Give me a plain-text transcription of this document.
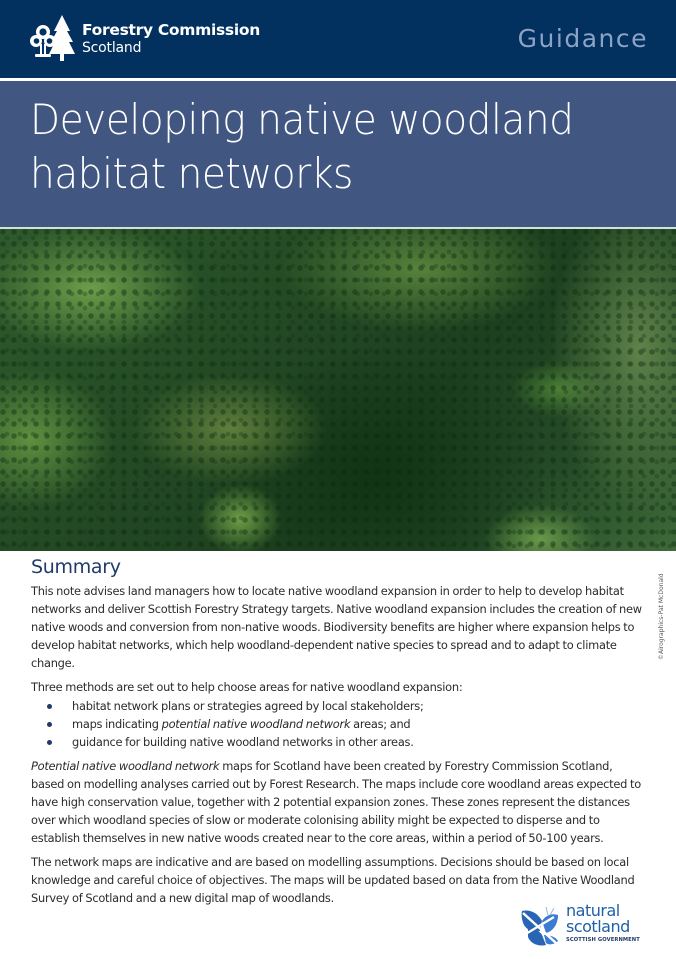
Forestry Commission
Scotland	Guidance
Developing native woodland
habitat networks
©Airographics-Pat McDonald
Summary

This note advises land managers how to locate native woodland expansion in order to help to develop habitat networks and deliver Scottish Forestry Strategy targets. Native woodland expansion includes the creation of new native woods and conversion from non-native woods. Biodiversity benefits are higher where expansion helps to develop habitat networks, which help woodland-dependent native species to spread and to adapt to climate change.

Three methods are set out to help choose areas for native woodland expansion:

habitat network plans or strategies agreed by local stakeholders;
maps indicating potential native woodland network areas; and
guidance for building native woodland networks in other areas.

Potential native woodland network maps for Scotland have been created by Forestry Commission Scotland, based on modelling analyses carried out by Forest Research. The maps include core woodland areas expected to have high conservation value, together with 2 potential expansion zones. These zones represent the distances over which woodland species of slow or moderate colonising ability might be expected to disperse and to establish themselves in new native woods created near to the core areas, within a period of 50-100 years.

The network maps are indicative and are based on modelling assumptions. Decisions should be based on local knowledge and careful choice of objectives. The maps will be updated based on data from the Native Woodland Survey of Scotland and a new digital map of woodlands.

natural
scotland
SCOTTISH GOVERNMENT
